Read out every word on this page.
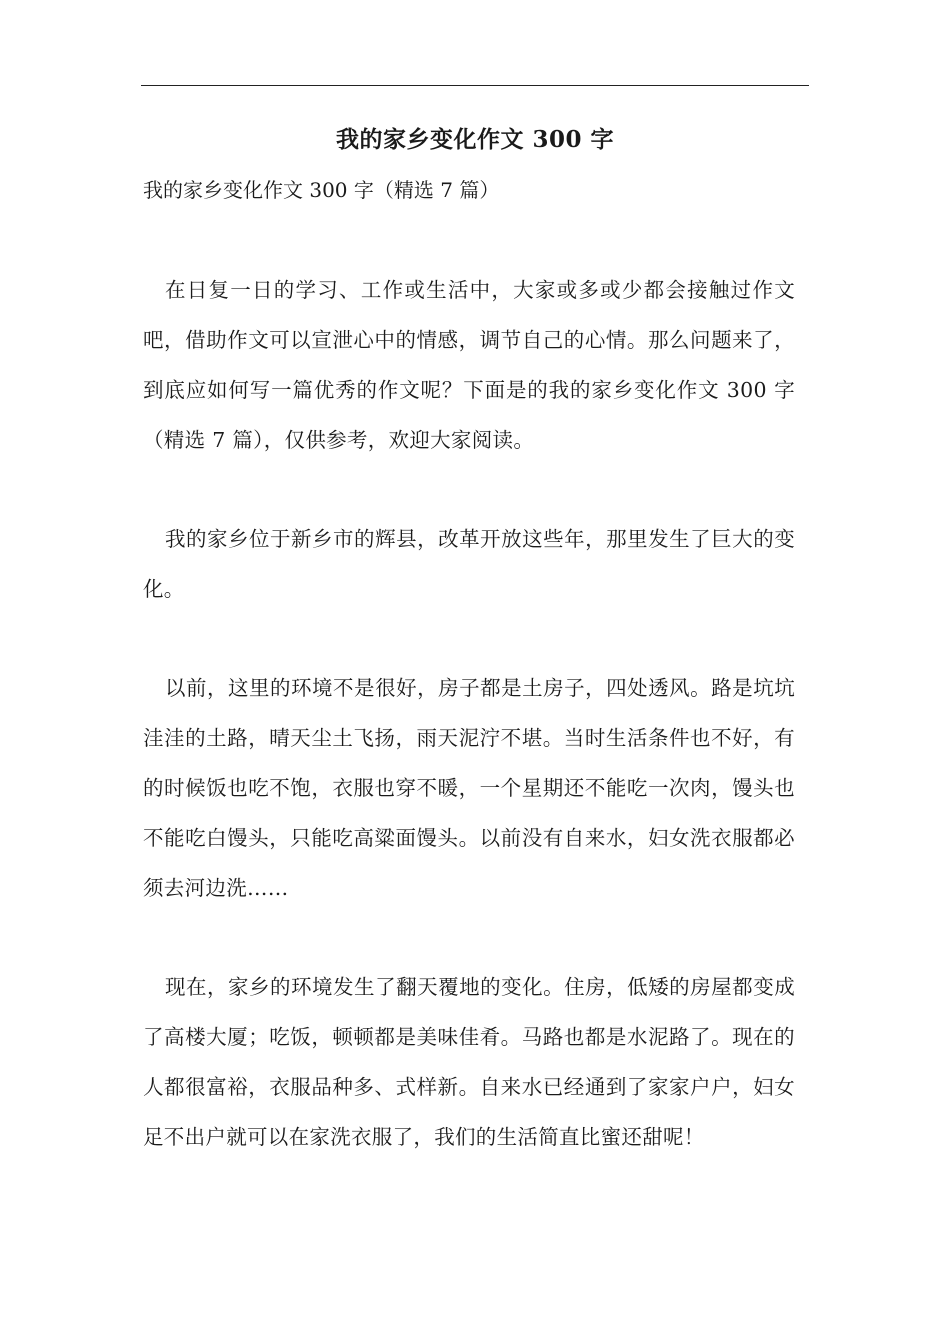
我的家乡变化作文 300 字
我的家乡变化作文 300 字（精选 7 篇）

在日复一日的学习、工作或生活中，大家或多或少都会接触过作文吧，借助作文可以宣泄心中的情感，调节自己的心情。那么问题来了，到底应如何写一篇优秀的作文呢？下面是的我的家乡变化作文 300 字（精选 7 篇），仅供参考，欢迎大家阅读。

我的家乡位于新乡市的辉县，改革开放这些年，那里发生了巨大的变化。

以前，这里的环境不是很好，房子都是土房子，四处透风。路是坑坑洼洼的土路，晴天尘土飞扬，雨天泥泞不堪。当时生活条件也不好，有的时候饭也吃不饱，衣服也穿不暖，一个星期还不能吃一次肉，馒头也不能吃白馒头，只能吃高粱面馒头。以前没有自来水，妇女洗衣服都必须去河边洗……

现在，家乡的环境发生了翻天覆地的变化。住房，低矮的房屋都变成了高楼大厦；吃饭，顿顿都是美味佳肴。马路也都是水泥路了。现在的人都很富裕，衣服品种多、式样新。自来水已经通到了家家户户，妇女足不出户就可以在家洗衣服了，我们的生活简直比蜜还甜呢！
